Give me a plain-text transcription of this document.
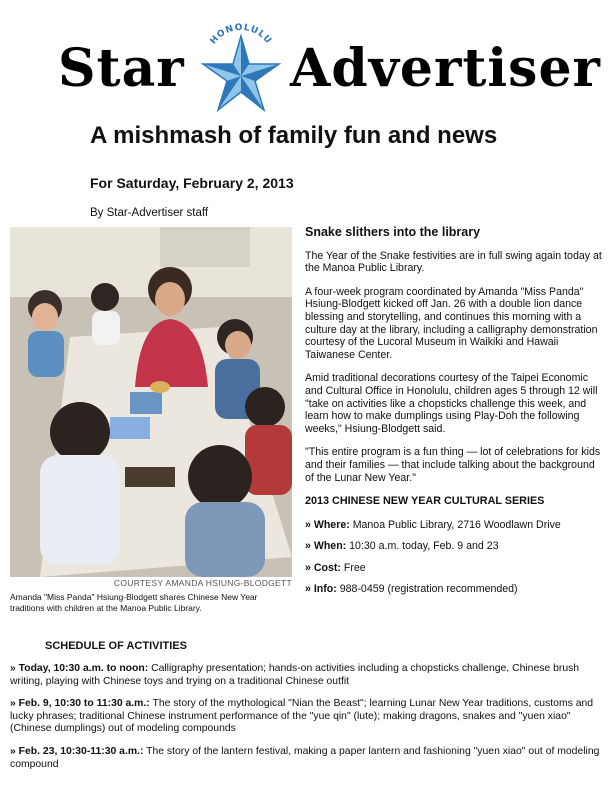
Star	HONOLULU Advertiser
A mishmash of family fun and news
For Saturday, February 2, 2013
By Star-Advertiser staff
COURTESY AMANDA HSIUNG-BLODGETT
Amanda "Miss Panda" Hsiung-Blodgett shares Chinese New Year traditions with children at the Manoa Public Library.
Snake slithers into the library

The Year of the Snake festivities are in full swing again today at the Manoa Public Library.

A four-week program coordinated by Amanda "Miss Panda" Hsiung-Blodgett kicked off Jan. 26 with a double lion dance blessing and storytelling, and continues this morning with a culture day at the library, including a calligraphy demonstration courtesy of the Lucoral Museum in Waikiki and Hawaii Taiwanese Center.

Amid traditional decorations courtesy of the Taipei Economic and Cultural Office in Honolulu, children ages 5 through 12 will "take on activities like a chopsticks challenge this week, and learn how to make dumplings using Play-Doh the following weeks," Hsiung-Blodgett said.

"This entire program is a fun thing — lot of celebrations for kids and their families — that include talking about the background of the Lunar New Year."

2013 CHINESE NEW YEAR CULTURAL SERIES

» Where: Manoa Public Library, 2716 Woodlawn Drive

» When: 10:30 a.m. today, Feb. 9 and 23

» Cost: Free

» Info: 988-0459 (registration recommended)

SCHEDULE OF ACTIVITIES

» Today, 10:30 a.m. to noon: Calligraphy presentation; hands-on activities including a chopsticks challenge, Chinese brush writing, playing with Chinese toys and trying on a traditional Chinese outfit

» Feb. 9, 10:30 to 11:30 a.m.: The story of the mythological "Nian the Beast"; learning Lunar New Year traditions, customs and lucky phrases; traditional Chinese instrument performance of the "yue qin" (lute); making dragons, snakes and "yuen xiao" (Chinese dumplings) out of modeling compounds

» Feb. 23, 10:30-11:30 a.m.: The story of the lantern festival, making a paper lantern and fashioning "yuen xiao" out of modeling compound
